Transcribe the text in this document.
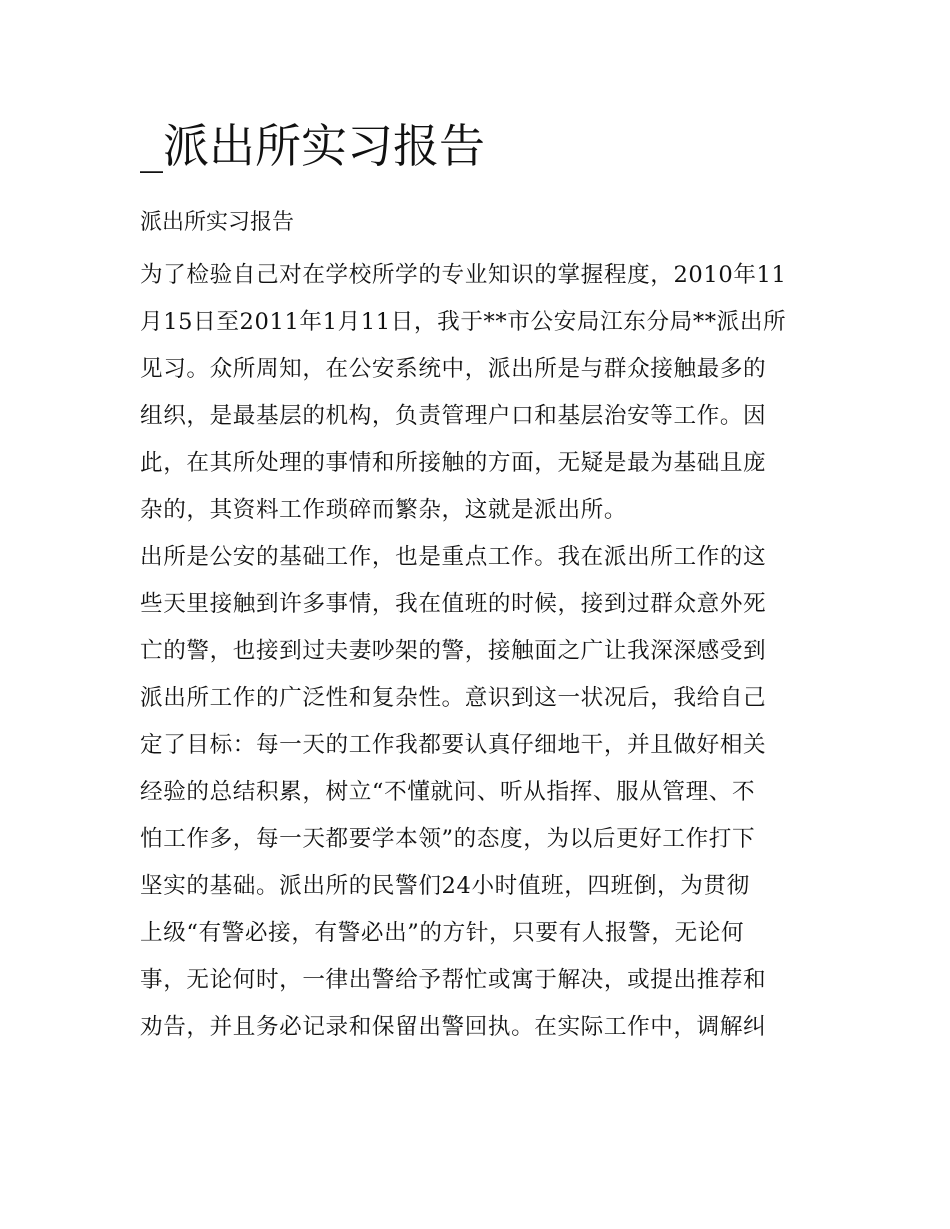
_派出所实习报告

派出所实习报告

为了检验自己对在学校所学的专业知识的掌握程度，2010年11
月15日至2011年1月11日，我于**市公安局江东分局**派出所
见习。众所周知，在公安系统中，派出所是与群众接触最多的
组织，是最基层的机构，负责管理户口和基层治安等工作。因
此，在其所处理的事情和所接触的方面，无疑是最为基础且庞
杂的，其资料工作琐碎而繁杂，这就是派出所。
出所是公安的基础工作，也是重点工作。我在派出所工作的这
些天里接触到许多事情，我在值班的时候，接到过群众意外死
亡的警，也接到过夫妻吵架的警，接触面之广让我深深感受到
派出所工作的广泛性和复杂性。意识到这一状况后，我给自己
定了目标：每一天的工作我都要认真仔细地干，并且做好相关
经验的总结积累，树立“不懂就问、听从指挥、服从管理、不
怕工作多，每一天都要学本领”的态度，为以后更好工作打下
坚实的基础。派出所的民警们24小时值班，四班倒，为贯彻
上级“有警必接，有警必出”的方针，只要有人报警，无论何
事，无论何时，一律出警给予帮忙或寓于解决，或提出推荐和
劝告，并且务必记录和保留出警回执。在实际工作中，调解纠
